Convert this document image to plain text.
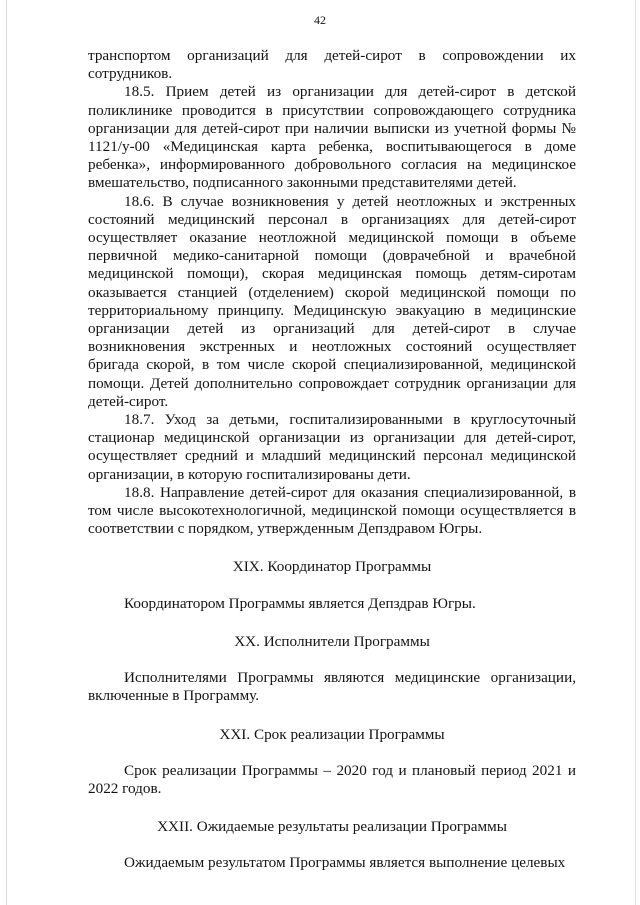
42

транспортом организаций для детей-сирот в сопровождении их сотрудников.

18.5. Прием детей из организации для детей-сирот в детской поликлинике проводится в присутствии сопровождающего сотрудника организации для детей-сирот при наличии выписки из учетной формы № 1121/у-00 «Медицинская карта ребенка, воспитывающегося в доме ребенка», информированного добровольного согласия на медицинское вмешательство, подписанного законными представителями детей.

18.6. В случае возникновения у детей неотложных и экстренных состояний медицинский персонал в организациях для детей-сирот осуществляет оказание неотложной медицинской помощи в объеме первичной медико-санитарной помощи (доврачебной и врачебной медицинской помощи), скорая медицинская помощь детям-сиротам оказывается станцией (отделением) скорой медицинской помощи по территориальному принципу. Медицинскую эвакуацию в медицинские организации детей из организаций для детей-сирот в случае возникновения экстренных и неотложных состояний осуществляет бригада скорой, в том числе скорой специализированной, медицинской помощи. Детей дополнительно сопровождает сотрудник организации для детей-сирот.

18.7. Уход за детьми, госпитализированными в круглосуточный стационар медицинской организации из организации для детей-сирот, осуществляет средний и младший медицинский персонал медицинской организации, в которую госпитализированы дети.

18.8. Направление детей-сирот для оказания специализированной, в том числе высокотехнологичной, медицинской помощи осуществляется в соответствии с порядком, утвержденным Депздравом Югры.

XIX. Координатор Программы

Координатором Программы является Депздрав Югры.

XX. Исполнители Программы

Исполнителями Программы являются медицинские организации, включенные в Программу.

XXI. Срок реализации Программы

Срок реализации Программы – 2020 год и плановый период 2021 и 2022 годов.

XXII. Ожидаемые результаты реализации Программы

Ожидаемым результатом Программы является выполнение целевых
